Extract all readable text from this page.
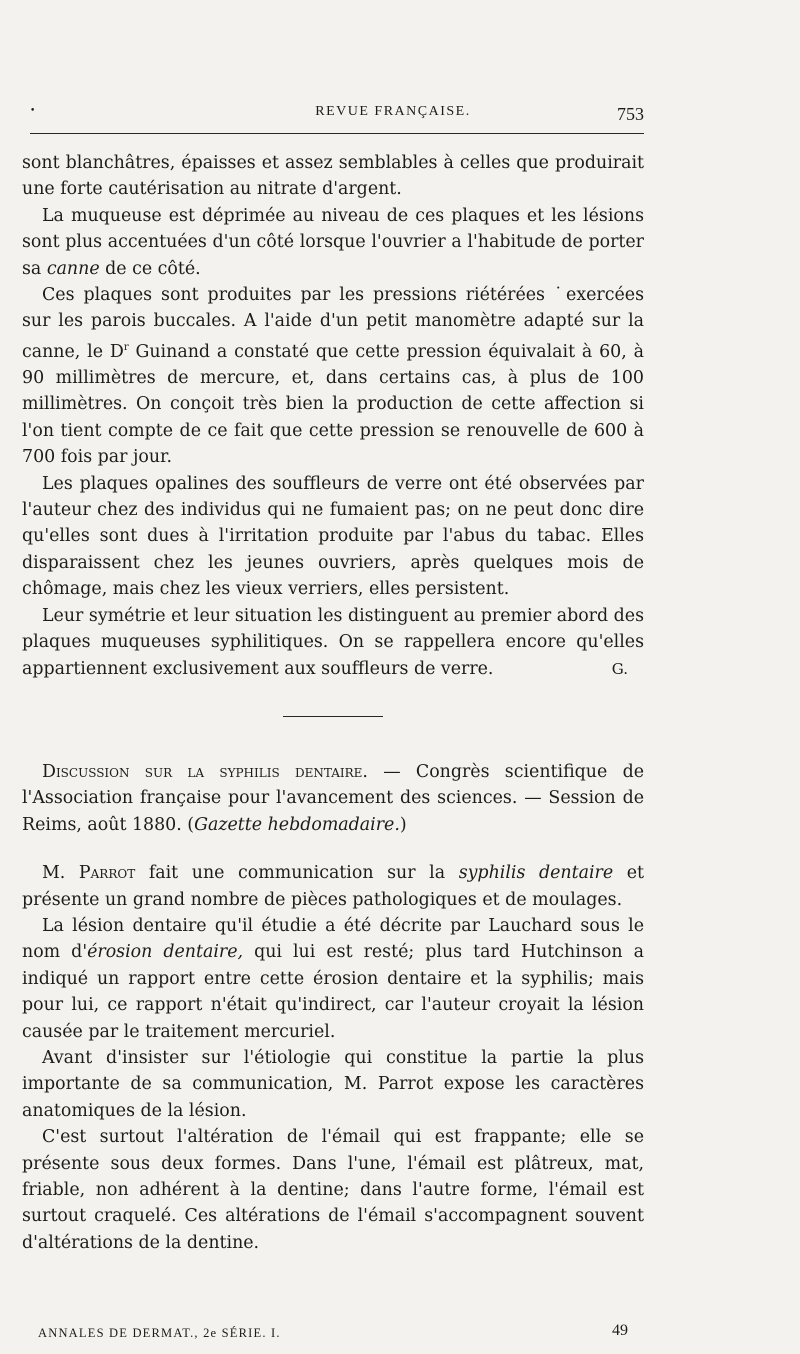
•	REVUE FRANÇAISE.	753

sont blanchâtres, épaisses et assez semblables à celles que produirait une forte cautérisation au nitrate d'argent.

La muqueuse est déprimée au niveau de ces plaques et les lésions sont plus accentuées d'un côté lorsque l'ouvrier a l'habitude de porter sa canne de ce côté.

Ces plaques sont produites par les pressions riétérées ˙exercées sur les parois buccales. A l'aide d'un petit manomètre adapté sur la canne, le $D^r$ Guinand a constaté que cette pression équivalait à 60, à 90 millimètres de mercure, et, dans certains cas, à plus de 100 millimètres. On conçoit très bien la production de cette affection si l'on tient compte de ce fait que cette pression se renouvelle de 600 à 700 fois par jour.

Les plaques opalines des souffleurs de verre ont été observées par l'auteur chez des individus qui ne fumaient pas; on ne peut donc dire qu'elles sont dues à l'irritation produite par l'abus du tabac. Elles disparaissent chez les jeunes ouvriers, après quelques mois de chômage, mais chez les vieux verriers, elles persistent.

Leur symétrie et leur situation les distinguent au premier abord des plaques muqueuses syphilitiques. On se rappellera encore qu'elles appartiennent exclusivement aux souffleurs de verre.	G.

Discussion sur la syphilis dentaire. — Congrès scientifique de l'Association française pour l'avancement des sciences. — Session de Reims, août 1880. (Gazette hebdomadaire.)

M. Parrot fait une communication sur la syphilis dentaire et présente un grand nombre de pièces pathologiques et de moulages.

La lésion dentaire qu'il étudie a été décrite par Lauchard sous le nom d'érosion dentaire, qui lui est resté; plus tard Hutchinson a indiqué un rapport entre cette érosion dentaire et la syphilis; mais pour lui, ce rapport n'était qu'indirect, car l'auteur croyait la lésion causée par le traitement mercuriel.

Avant d'insister sur l'étiologie qui constitue la partie la plus importante de sa communication, M. Parrot expose les caractères anatomiques de la lésion.

C'est surtout l'altération de l'émail qui est frappante; elle se présente sous deux formes. Dans l'une, l'émail est plâtreux, mat, friable, non adhérent à la dentine; dans l'autre forme, l'émail est surtout craquelé. Ces altérations de l'émail s'accompagnent souvent d'altérations de la dentine.

ANNALES DE DERMAT., 2e SÉRIE. I.	49
